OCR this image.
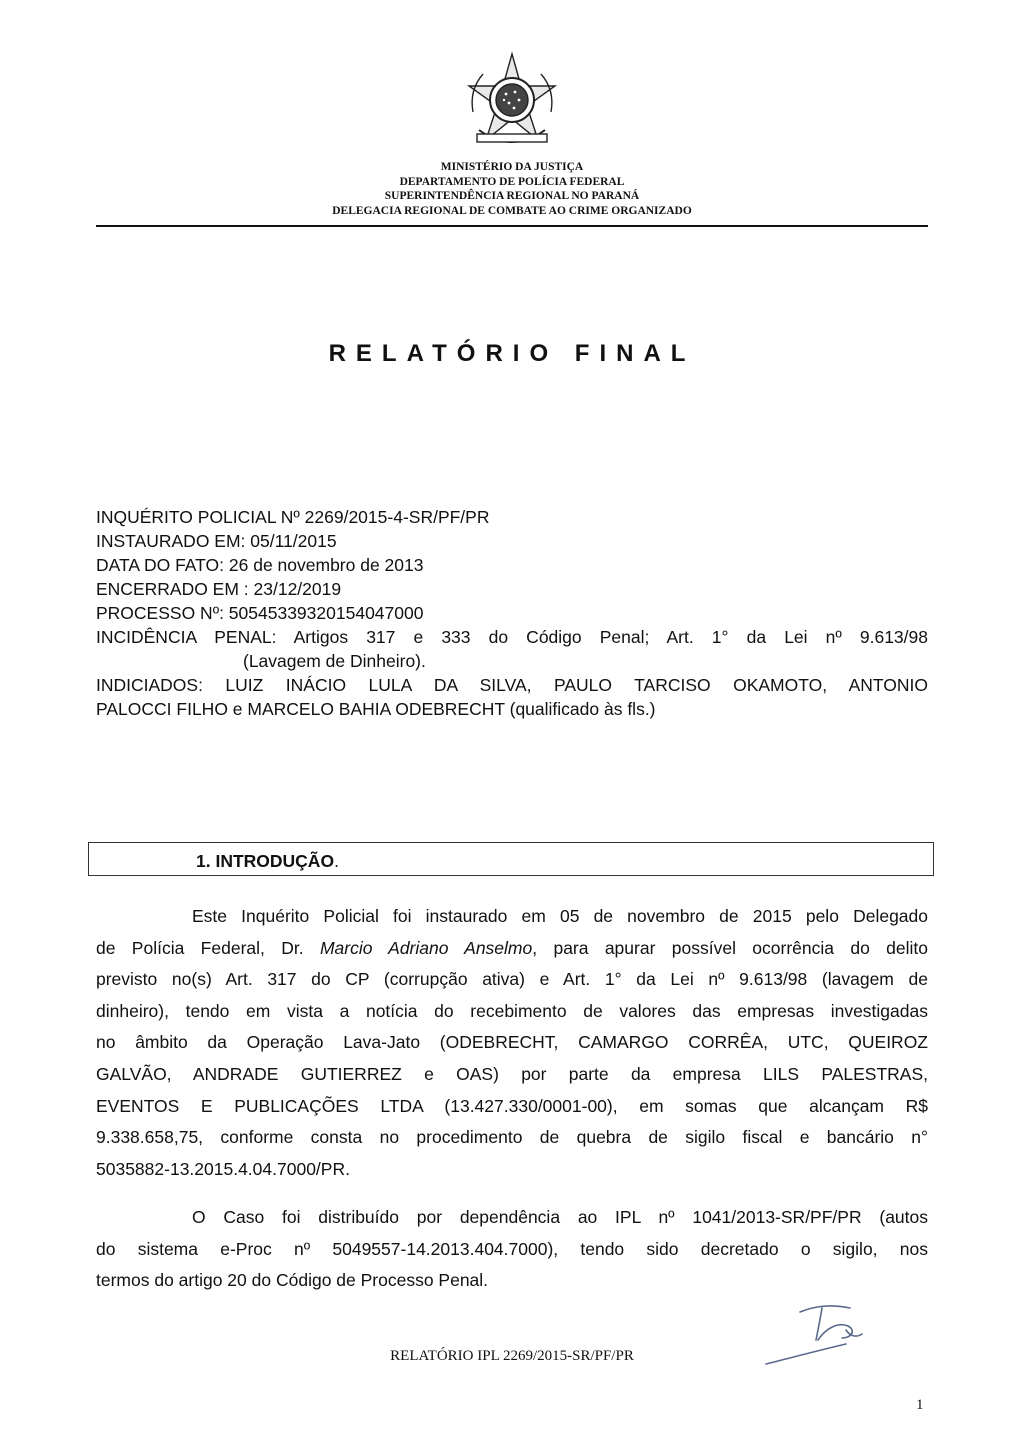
MINISTÉRIO DA JUSTIÇA
DEPARTAMENTO DE POLÍCIA FEDERAL
SUPERINTENDÊNCIA REGIONAL NO PARANÁ
DELEGACIA REGIONAL DE COMBATE AO CRIME ORGANIZADO
RELATÓRIO FINAL
INQUÉRITO POLICIAL Nº 2269/2015-4-SR/PF/PR
INSTAURADO EM: 05/11/2015
DATA DO FATO: 26 de novembro de 2013
ENCERRADO EM : 23/12/2019
PROCESSO Nº: 50545339320154047000
INCIDÊNCIA PENAL: Artigos 317 e 333 do Código Penal; Art. 1° da Lei nº 9.613/98
(Lavagem de Dinheiro).
INDICIADOS: LUIZ INÁCIO LULA DA SILVA, PAULO TARCISO OKAMOTO, ANTONIO
PALOCCI FILHO e MARCELO BAHIA ODEBRECHT (qualificado às fls.)
1. INTRODUÇÃO.
Este Inquérito Policial foi instaurado em 05 de novembro de 2015 pelo Delegado
de Polícia Federal, Dr. Marcio Adriano Anselmo, para apurar possível ocorrência do delito
previsto no(s) Art. 317 do CP (corrupção ativa) e Art. 1° da Lei nº 9.613/98 (lavagem de
dinheiro), tendo em vista a notícia do recebimento de valores das empresas investigadas
no âmbito da Operação Lava-Jato (ODEBRECHT, CAMARGO CORRÊA, UTC, QUEIROZ
GALVÃO, ANDRADE GUTIERREZ e OAS) por parte da empresa LILS PALESTRAS,
EVENTOS E PUBLICAÇÕES LTDA (13.427.330/0001-00), em somas que alcançam R$
9.338.658,75, conforme consta no procedimento de quebra de sigilo fiscal e bancário n°
5035882-13.2015.4.04.7000/PR.
O Caso foi distribuído por dependência ao IPL nº 1041/2013-SR/PF/PR (autos
do sistema e-Proc nº 5049557-14.2013.404.7000), tendo sido decretado o sigilo, nos
termos do artigo 20 do Código de Processo Penal.
RELATÓRIO IPL 2269/2015-SR/PF/PR
1
